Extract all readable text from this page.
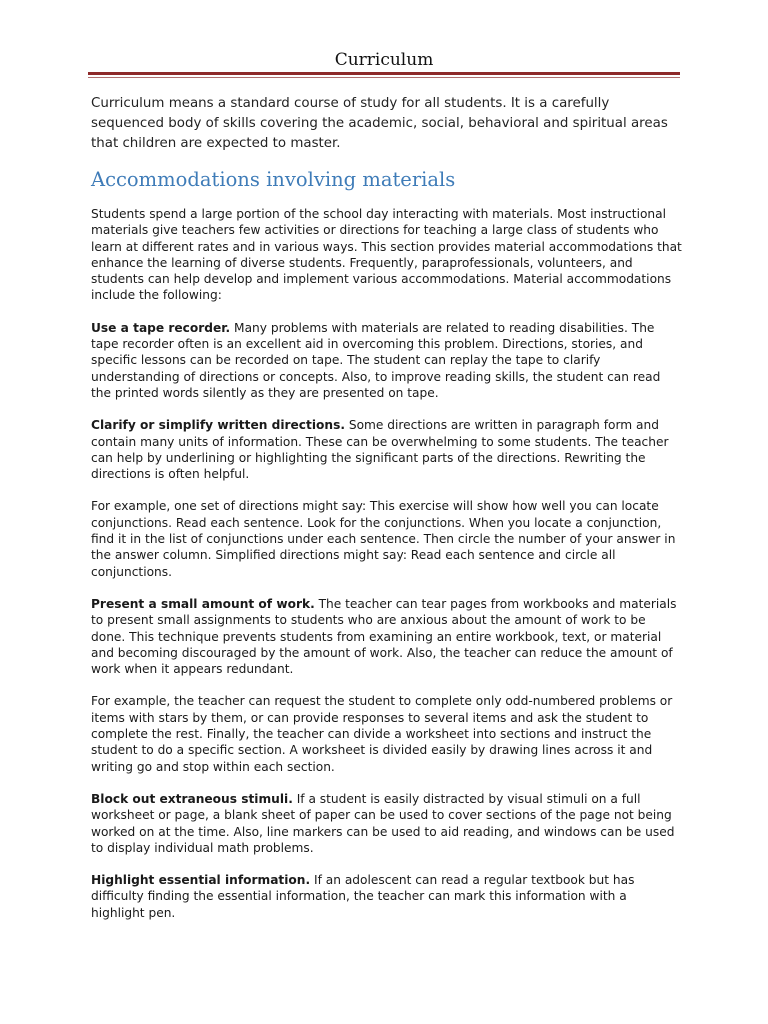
Curriculum

Curriculum means a standard course of study for all students. It is a carefully sequenced body of skills covering the academic, social, behavioral and spiritual areas that children are expected to master.

Accommodations involving materials

Students spend a large portion of the school day interacting with materials. Most instructional materials give teachers few activities or directions for teaching a large class of students who learn at different rates and in various ways. This section provides material accommodations that enhance the learning of diverse students. Frequently, paraprofessionals, volunteers, and students can help develop and implement various accommodations. Material accommodations include the following:

Use a tape recorder. Many problems with materials are related to reading disabilities. The tape recorder often is an excellent aid in overcoming this problem. Directions, stories, and specific lessons can be recorded on tape. The student can replay the tape to clarify understanding of directions or concepts. Also, to improve reading skills, the student can read the printed words silently as they are presented on tape.

Clarify or simplify written directions. Some directions are written in paragraph form and contain many units of information. These can be overwhelming to some students. The teacher can help by underlining or highlighting the significant parts of the directions. Rewriting the directions is often helpful.

For example, one set of directions might say: This exercise will show how well you can locate conjunctions. Read each sentence. Look for the conjunctions. When you locate a conjunction, find it in the list of conjunctions under each sentence. Then circle the number of your answer in the answer column. Simplified directions might say: Read each sentence and circle all conjunctions.

Present a small amount of work. The teacher can tear pages from workbooks and materials to present small assignments to students who are anxious about the amount of work to be done. This technique prevents students from examining an entire workbook, text, or material and becoming discouraged by the amount of work. Also, the teacher can reduce the amount of work when it appears redundant.

For example, the teacher can request the student to complete only odd-numbered problems or items with stars by them, or can provide responses to several items and ask the student to complete the rest. Finally, the teacher can divide a worksheet into sections and instruct the student to do a specific section. A worksheet is divided easily by drawing lines across it and writing go and stop within each section.

Block out extraneous stimuli. If a student is easily distracted by visual stimuli on a full worksheet or page, a blank sheet of paper can be used to cover sections of the page not being worked on at the time. Also, line markers can be used to aid reading, and windows can be used to display individual math problems.

Highlight essential information. If an adolescent can read a regular textbook but has difficulty finding the essential information, the teacher can mark this information with a highlight pen.
